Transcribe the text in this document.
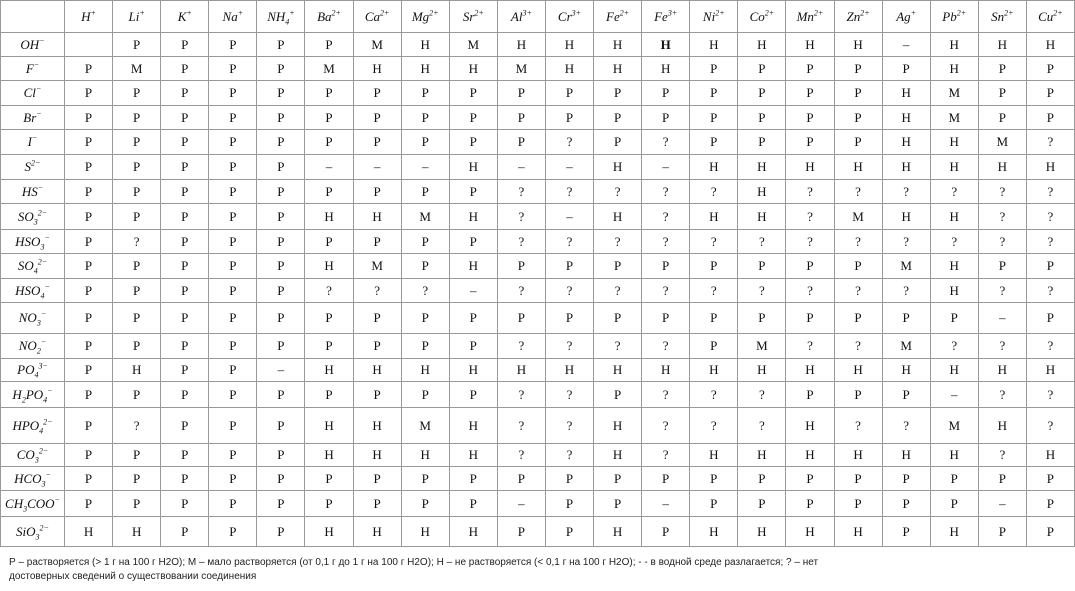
	H+	Li+	K+	Na+	$NH_4^+$	$Ba^{2+}$	$Ca^{2+}$	$Mg^{2+}$	$Sr^{2+}$	$Al^{3+}$	$Cr^{3+}$	$Fe^{2+}$	$Fe^{3+}$	$Ni^{2+}$	$Co^{2+}$	$Mn^{2+}$	$Zn^{2+}$	Ag+	$Pb^{2+}$	$Sn^{2+}$	$Cu^{2+}$
OH−		Р	Р	Р	Р	Р	М	Н	М	Н	Н	Н	Н	Н	Н	Н	Н	–	Н	Н	Н
F−	Р	М	Р	Р	Р	М	Н	Н	Н	М	Н	Н	Н	Р	Р	Р	Р	Р	Н	Р	Р
Cl−	Р	Р	Р	Р	Р	Р	Р	Р	Р	Р	Р	Р	Р	Р	Р	Р	Р	Н	М	Р	Р
Br−	Р	Р	Р	Р	Р	Р	Р	Р	Р	Р	Р	Р	Р	Р	Р	Р	Р	Н	М	Р	Р
I−	Р	Р	Р	Р	Р	Р	Р	Р	Р	Р	?	Р	?	Р	Р	Р	Р	Н	Н	М	?
$S^{2-}$	Р	Р	Р	Р	Р	–	–	–	Н	–	–	Н	–	Н	Н	Н	Н	Н	Н	Н	Н
HS−	Р	Р	Р	Р	Р	Р	Р	Р	Р	?	?	?	?	?	Н	?	?	?	?	?	?
$SO_3^{2-}$	Р	Р	Р	Р	Р	Н	Н	М	Н	?	–	Н	?	Н	Н	?	М	Н	Н	?	?
$HSO_3^-$	Р	?	Р	Р	Р	Р	Р	Р	Р	?	?	?	?	?	?	?	?	?	?	?	?
$SO_4^{2-}$	Р	Р	Р	Р	Р	Н	М	Р	Н	Р	Р	Р	Р	Р	Р	Р	Р	М	Н	Р	Р
$HSO_4^-$	Р	Р	Р	Р	Р	?	?	?	–	?	?	?	?	?	?	?	?	?	Н	?	?
$NO_3^-$	Р	Р	Р	Р	Р	Р	Р	Р	Р	Р	Р	Р	Р	Р	Р	Р	Р	Р	Р	–	Р
$NO_2^-$	Р	Р	Р	Р	Р	Р	Р	Р	Р	?	?	?	?	Р	М	?	?	М	?	?	?
$PO_4^{3-}$	Р	Н	Р	Р	–	Н	Н	Н	Н	Н	Н	Н	Н	Н	Н	Н	Н	Н	Н	Н	Н
$H_2PO_4^-$	Р	Р	Р	Р	Р	Р	Р	Р	Р	?	?	Р	?	?	?	Р	Р	Р	–	?	?
$HPO_4^{2-}$	Р	?	Р	Р	Р	Н	Н	М	Н	?	?	Н	?	?	?	Н	?	?	М	Н	?
$CO_3^{2-}$	Р	Р	Р	Р	Р	Н	Н	Н	Н	?	?	Н	?	Н	Н	Н	Н	Н	Н	?	Н
$HCO_3^-$	Р	Р	Р	Р	Р	Р	Р	Р	Р	Р	Р	Р	Р	Р	Р	Р	Р	Р	Р	Р	Р
$CH_3COO^-$	Р	Р	Р	Р	Р	Р	Р	Р	Р	–	Р	Р	–	Р	Р	Р	Р	Р	Р	–	Р
SiO$_3^{2-}$	Н	Н	Р	Р	Р	Н	Н	Н	Н	Р	Р	Н	Р	Н	Н	Н	Н	Р	Н	Р	Р
Р – растворяется (> 1 г на 100 г Н2О); М – мало растворяется (от 0,1 г до 1 г на 100 г Н2О); Н – не растворяется (< 0,1 г на 100 г Н2О); - - в водной среде разлагается; ? – нет
достоверных сведений о существовании соединения
